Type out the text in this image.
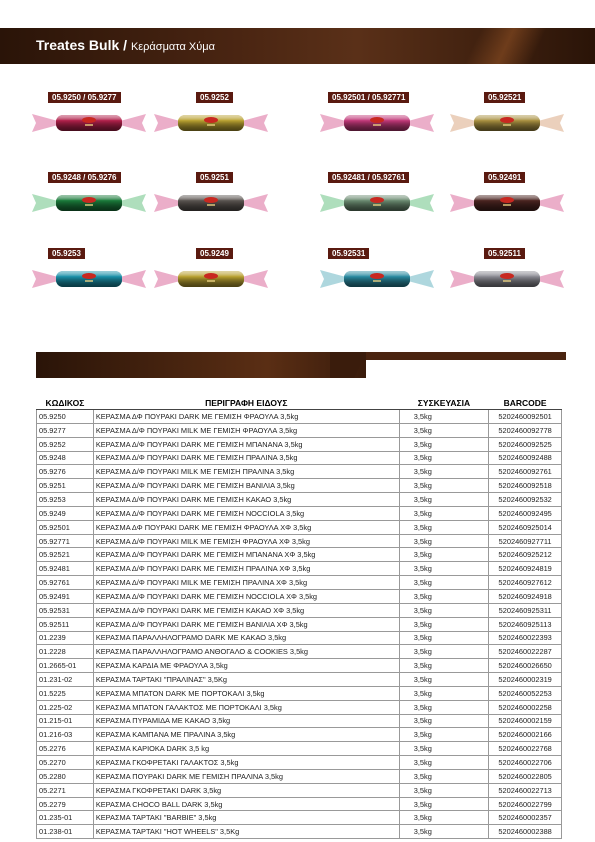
Treates Bulk / Κεράσματα Χύμα
05.9250 / 05.9277	05.9252	05.92501 / 05.92771	05.92521
05.9248 / 05.9276	05.9251	05.92481 / 05.92761	05.92491
05.9253	05.9249	05.92531	05.92511
ΚΩΔΙΚΟΣ	ΠΕΡΙΓΡΑΦΗ ΕΙΔΟΥΣ	ΣΥΣΚΕΥΑΣΙΑ	BARCODE
05.9250	ΚΕΡΑΣΜΑ ΔΦ ΠΟΥΡΑΚΙ DARK ΜΕ ΓΕΜΙΣΗ ΦΡΑΟΥΛΑ 3,5kg	3,5kg	5202460092501
05.9277	ΚΕΡΑΣΜΑ Δ/Φ ΠΟΥΡΑΚΙ MILK ΜΕ ΓΕΜΙΣΗ ΦΡΑΟΥΛΑ 3,5kg	3,5kg	5202460092778
05.9252	ΚΕΡΑΣΜΑ Δ/Φ ΠΟΥΡΑΚΙ DARK ΜΕ ΓΕΜΙΣΗ ΜΠΑΝΑΝΑ 3,5kg	3,5kg	5202460092525
05.9248	ΚΕΡΑΣΜΑ Δ/Φ ΠΟΥΡΑΚΙ DARK ΜΕ ΓΕΜΙΣΗ ΠΡΑΛΙΝΑ 3,5kg	3,5kg	5202460092488
05.9276	ΚΕΡΑΣΜΑ Δ/Φ ΠΟΥΡΑΚΙ MILK ΜΕ ΓΕΜΙΣΗ ΠΡΑΛΙΝΑ 3,5kg	3,5kg	5202460092761
05.9251	ΚΕΡΑΣΜΑ Δ/Φ ΠΟΥΡΑΚΙ DARK ΜΕ ΓΕΜΙΣΗ ΒΑΝΙΛΙΑ 3,5kg	3,5kg	5202460092518
05.9253	ΚΕΡΑΣΜΑ Δ/Φ ΠΟΥΡΑΚΙ DARK ΜΕ ΓΕΜΙΣΗ ΚΑΚΑΟ 3,5kg	3,5kg	5202460092532
05.9249	ΚΕΡΑΣΜΑ Δ/Φ ΠΟΥΡΑΚΙ DARK ΜΕ ΓΕΜΙΣΗ NOCCIOLA 3,5kg	3,5kg	5202460092495
05.92501	ΚΕΡΑΣΜΑ ΔΦ ΠΟΥΡΑΚΙ DARK ΜΕ ΓΕΜΙΣΗ ΦΡΑΟΥΛΑ ΧΦ 3,5kg	3,5kg	5202460925014
05.92771	ΚΕΡΑΣΜΑ Δ/Φ ΠΟΥΡΑΚΙ MILK ΜΕ ΓΕΜΙΣΗ ΦΡΑΟΥΛΑ ΧΦ 3,5kg	3,5kg	5202460927711
05.92521	ΚΕΡΑΣΜΑ Δ/Φ ΠΟΥΡΑΚΙ DARK ΜΕ ΓΕΜΙΣΗ ΜΠΑΝΑΝΑ ΧΦ 3,5kg	3,5kg	5202460925212
05.92481	ΚΕΡΑΣΜΑ Δ/Φ ΠΟΥΡΑΚΙ DARK ΜΕ ΓΕΜΙΣΗ ΠΡΑΛΙΝΑ ΧΦ 3,5kg	3,5kg	5202460924819
05.92761	ΚΕΡΑΣΜΑ Δ/Φ ΠΟΥΡΑΚΙ MILK ΜΕ ΓΕΜΙΣΗ ΠΡΑΛΙΝΑ ΧΦ 3,5kg	3,5kg	5202460927612
05.92491	ΚΕΡΑΣΜΑ Δ/Φ ΠΟΥΡΑΚΙ DARK ΜΕ ΓΕΜΙΣΗ NOCCIOLA ΧΦ 3,5kg	3,5kg	5202460924918
05.92531	ΚΕΡΑΣΜΑ Δ/Φ ΠΟΥΡΑΚΙ DARK ΜΕ ΓΕΜΙΣΗ ΚΑΚΑΟ ΧΦ 3,5kg	3,5kg	5202460925311
05.92511	ΚΕΡΑΣΜΑ Δ/Φ ΠΟΥΡΑΚΙ DARK ΜΕ ΓΕΜΙΣΗ ΒΑΝΙΛΙΑ ΧΦ 3,5kg	3,5kg	5202460925113
01.2239	ΚΕΡΑΣΜΑ ΠΑΡΑΛΛΗΛΟΓΡΑΜΟ DARK ΜΕ ΚΑΚΑΟ 3,5kg	3,5kg	5202460022393
01.2228	ΚΕΡΑΣΜΑ ΠΑΡΑΛΛΗΛΟΓΡΑΜΟ ΑΝΘΟΓΑΛΟ & COOKIES 3,5kg	3,5kg	5202460022287
01.2665-01	ΚΕΡΑΣΜΑ ΚΑΡΔΙΑ ΜΕ ΦΡΑΟΥΛΑ 3,5kg	3,5kg	5202460026650
01.231-02	ΚΕΡΑΣΜΑ ΤΑΡΤΑΚΙ "ΠΡΑΛΙΝΑΣ" 3,5Kg	3,5kg	5202460002319
01.5225	ΚΕΡΑΣΜΑ ΜΠΑΤΟΝ DARK ΜΕ ΠΟΡΤΟΚΑΛΙ 3,5kg	3,5kg	5202460052253
01.225-02	ΚΕΡΑΣΜΑ ΜΠΑΤΟΝ ΓΑΛΑΚΤΟΣ ΜΕ ΠΟΡΤΟΚΑΛΙ 3,5kg	3,5kg	5202460002258
01.215-01	ΚΕΡΑΣΜΑ ΠΥΡΑΜΙΔΑ ΜΕ ΚΑΚΑΟ 3,5kg	3,5kg	5202460002159
01.216-03	ΚΕΡΑΣΜΑ ΚΑΜΠΑΝΑ ΜΕ ΠΡΑΛΙΝΑ 3,5kg	3,5kg	5202460002166
05.2276	ΚΕΡΑΣΜΑ ΚΑΡΙΟΚΑ DARK 3,5 kg	3,5kg	5202460022768
05.2270	ΚΕΡΑΣΜΑ ΓΚΟΦΡΕΤΑΚΙ ΓΑΛΑΚΤΟΣ 3,5kg	3,5kg	5202460022706
05.2280	ΚΕΡΑΣΜΑ ΠΟΥΡΑΚΙ DARK ΜΕ ΓΕΜΙΣΗ ΠΡΑΛΙΝΑ 3,5kg	3,5kg	5202460022805
05.2271	ΚΕΡΑΣΜΑ ΓΚΟΦΡΕΤΑΚΙ DARK 3,5kg	3,5kg	5202460022713
05.2279	ΚΕΡΑΣΜΑ CHOCO BALL DARK 3,5kg	3,5kg	5202460022799
01.235-01	ΚΕΡΑΣΜΑ ΤΑΡΤΑΚΙ "BARBIE" 3,5kg	3,5kg	5202460002357
01.238-01	ΚΕΡΑΣΜΑ ΤΑΡΤΑΚΙ "HOT WHEELS" 3,5Kg	3,5kg	5202460002388
